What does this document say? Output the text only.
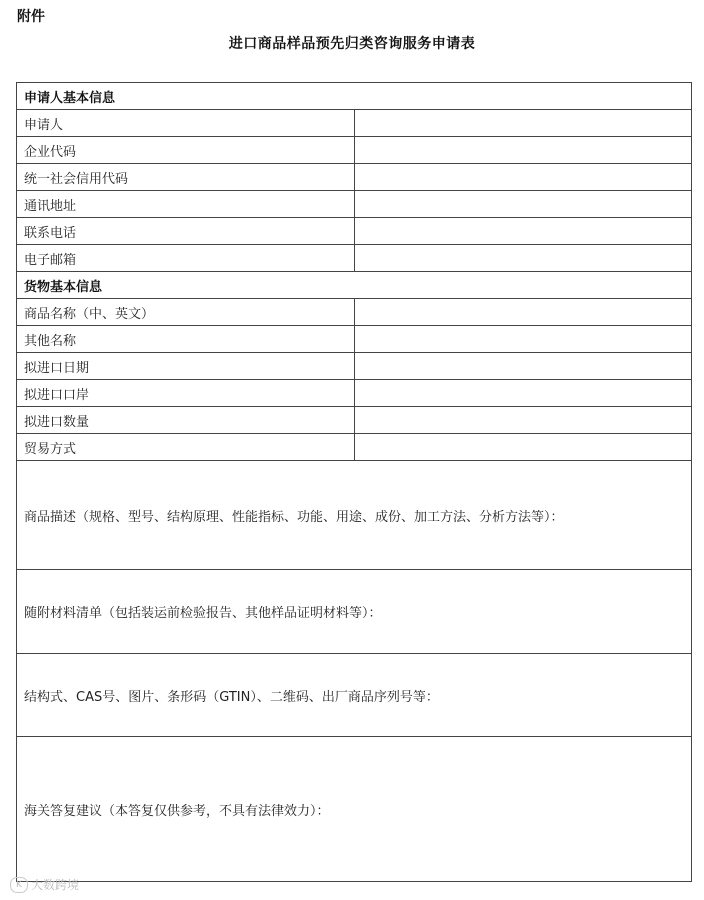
附件
进口商品样品预先归类咨询服务申请表
申请人基本信息	
申请人	
企业代码	
统一社会信用代码	
通讯地址	
联系电话	
电子邮箱	
货物基本信息	
商品名称（中、英文）	
其他名称	
拟进口日期	
拟进口口岸	
拟进口数量	
贸易方式	
商品描述（规格、型号、结构原理、性能指标、功能、用途、成份、加工方法、分析方法等）：	
随附材料清单（包括装运前检验报告、其他样品证明材料等）：	
结构式、CAS号、图片、条形码（GTIN）、二维码、出厂商品序列号等：	
海关答复建议（本答复仅供参考，不具有法律效力）：	
K 大数跨境
